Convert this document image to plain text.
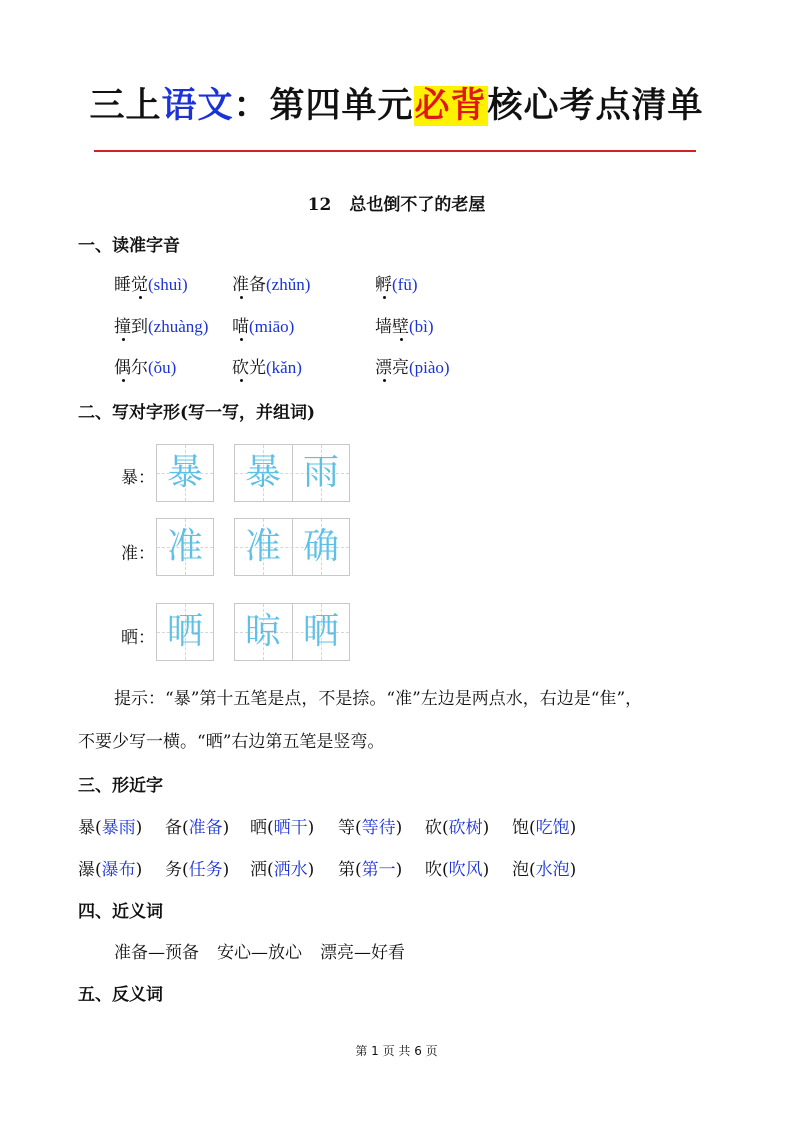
三上语文：第四单元必背核心考点清单
12 总也倒不了的老屋
一、读准字音
睡觉(shuì)	准备(zhǔn)	孵(fū)
撞到(zhuàng) 喵(miāo)	墙壁(bì)
偶尔(ǒu)	砍光(kǎn)	漂亮(piào)
二、写对字形(写一写，并组词)
暴： 暴 暴 雨
准： 准 准 确
晒： 晒 晾 晒
提示：“暴”第十五笔是点，不是捺。“准”左边是两点水，右边是“隹”，
不要少写一横。“晒”右边第五笔是竖弯。
三、形近字
暴(暴雨) 备(准备) 晒(晒干) 等(等待) 砍(砍树) 饱(吃饱)
瀑(瀑布) 务(任务) 洒(洒水) 第(第一) 吹(吹风) 泡(水泡)
四、近义词
准备—预备 安心—放心 漂亮—好看
五、反义词
第 1 页 共 6 页
